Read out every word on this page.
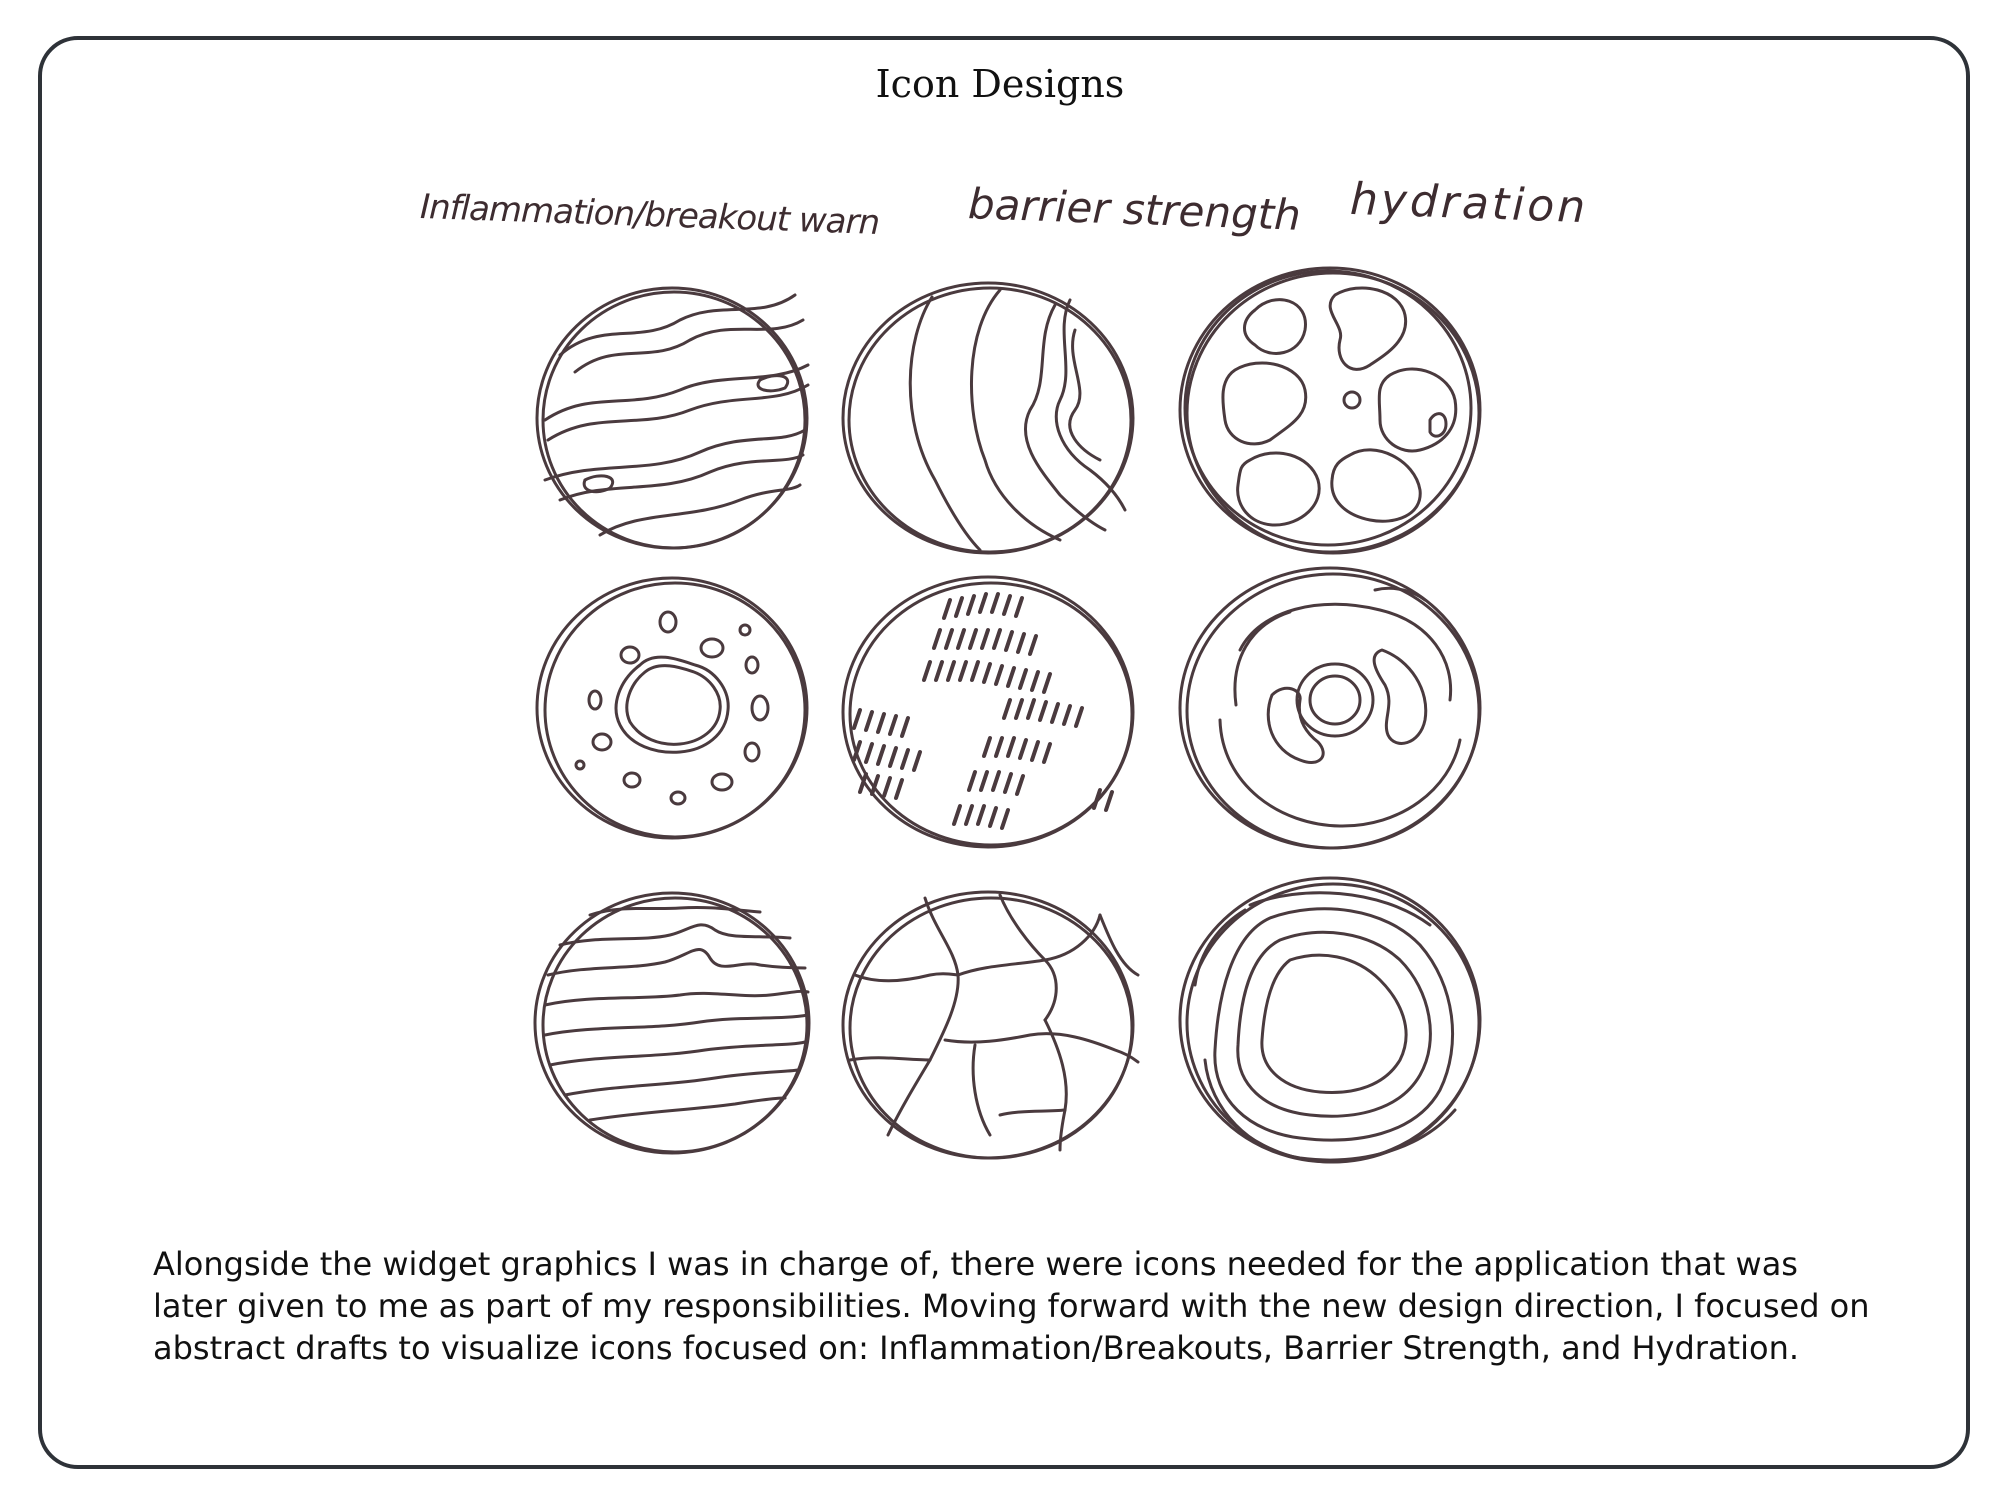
Icon Designs
Inflammation/breakout warn barrier strength hydration
Alongside the widget graphics I was in charge of, there were icons needed for the application that was later given to me as part of my responsibilities. Moving forward with the new design direction, I focused on abstract drafts to visualize icons focused on: Inflammation/Breakouts, Barrier Strength, and Hydration.
